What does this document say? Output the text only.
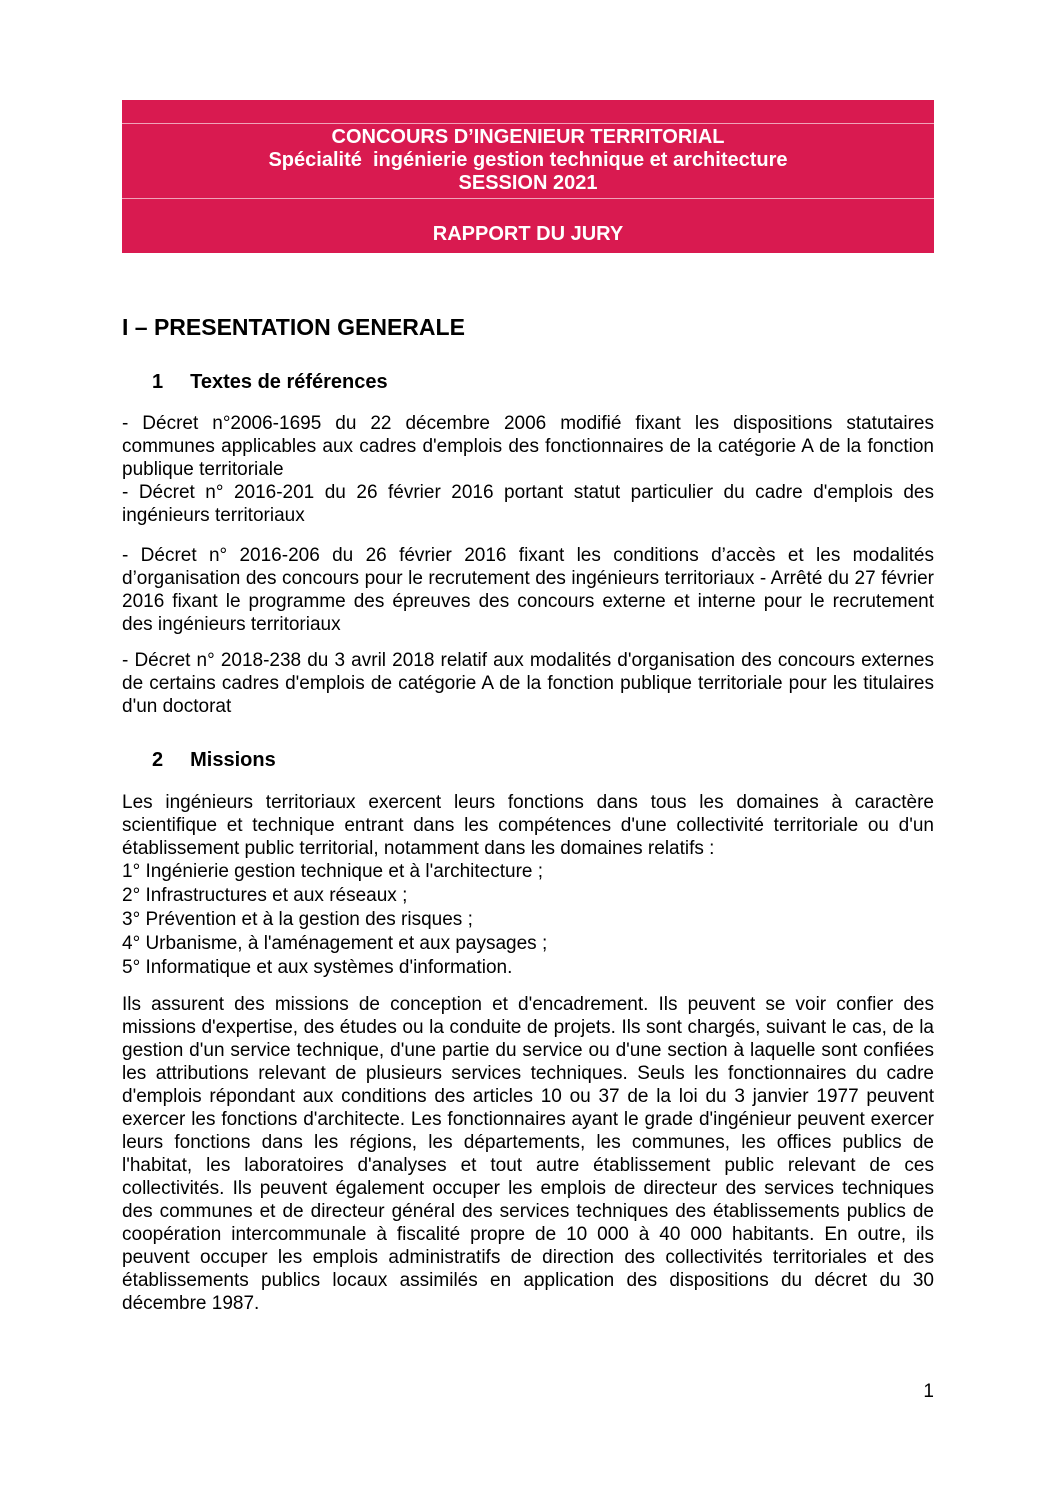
CONCOURS D’INGENIEUR TERRITORIAL
Spécialité  ingénierie gestion technique et architecture
SESSION 2021
RAPPORT DU JURY
I – PRESENTATION GENERALE
1 Textes de références

- Décret n°2006-1695 du 22 décembre 2006 modifié fixant les dispositions statutaires communes applicables aux cadres d'emplois des fonctionnaires de la catégorie A de la fonction publique territoriale

- Décret n° 2016-201 du 26 février 2016 portant statut particulier du cadre d'emplois des ingénieurs territoriaux

- Décret n° 2016-206 du 26 février 2016 fixant les conditions d’accès et les modalités d’organisation des concours pour le recrutement des ingénieurs territoriaux - Arrêté du 27 février 2016 fixant le programme des épreuves des concours externe et interne pour le recrutement des ingénieurs territoriaux

- Décret n° 2018-238 du 3 avril 2018 relatif aux modalités d'organisation des concours externes de certains cadres d'emplois de catégorie A de la fonction publique territoriale pour les titulaires d'un doctorat

2 Missions

Les ingénieurs territoriaux exercent leurs fonctions dans tous les domaines à caractère scientifique et technique entrant dans les compétences d'une collectivité territoriale ou d'un établissement public territorial, notamment dans les domaines relatifs :

1° Ingénierie gestion technique et à l'architecture ;
2° Infrastructures et aux réseaux ;
3° Prévention et à la gestion des risques ;
4° Urbanisme, à l'aménagement et aux paysages ;
5° Informatique et aux systèmes d'information.

Ils assurent des missions de conception et d'encadrement. Ils peuvent se voir confier des missions d'expertise, des études ou la conduite de projets. Ils sont chargés, suivant le cas, de la gestion d'un service technique, d'une partie du service ou d'une section à laquelle sont confiées les attributions relevant de plusieurs services techniques. Seuls les fonctionnaires du cadre d'emplois répondant aux conditions des articles 10 ou 37 de la loi du 3 janvier 1977 peuvent exercer les fonctions d'architecte. Les fonctionnaires ayant le grade d'ingénieur peuvent exercer leurs fonctions dans les régions, les départements, les communes, les offices publics de l'habitat, les laboratoires d'analyses et tout autre établissement public relevant de ces collectivités. Ils peuvent également occuper les emplois de directeur des services techniques des communes et de directeur général des services techniques des établissements publics de coopération intercommunale à fiscalité propre de 10 000 à 40 000 habitants. En outre, ils peuvent occuper les emplois administratifs de direction des collectivités territoriales et des établissements publics locaux assimilés en application des dispositions du décret du 30 décembre 1987.

1
